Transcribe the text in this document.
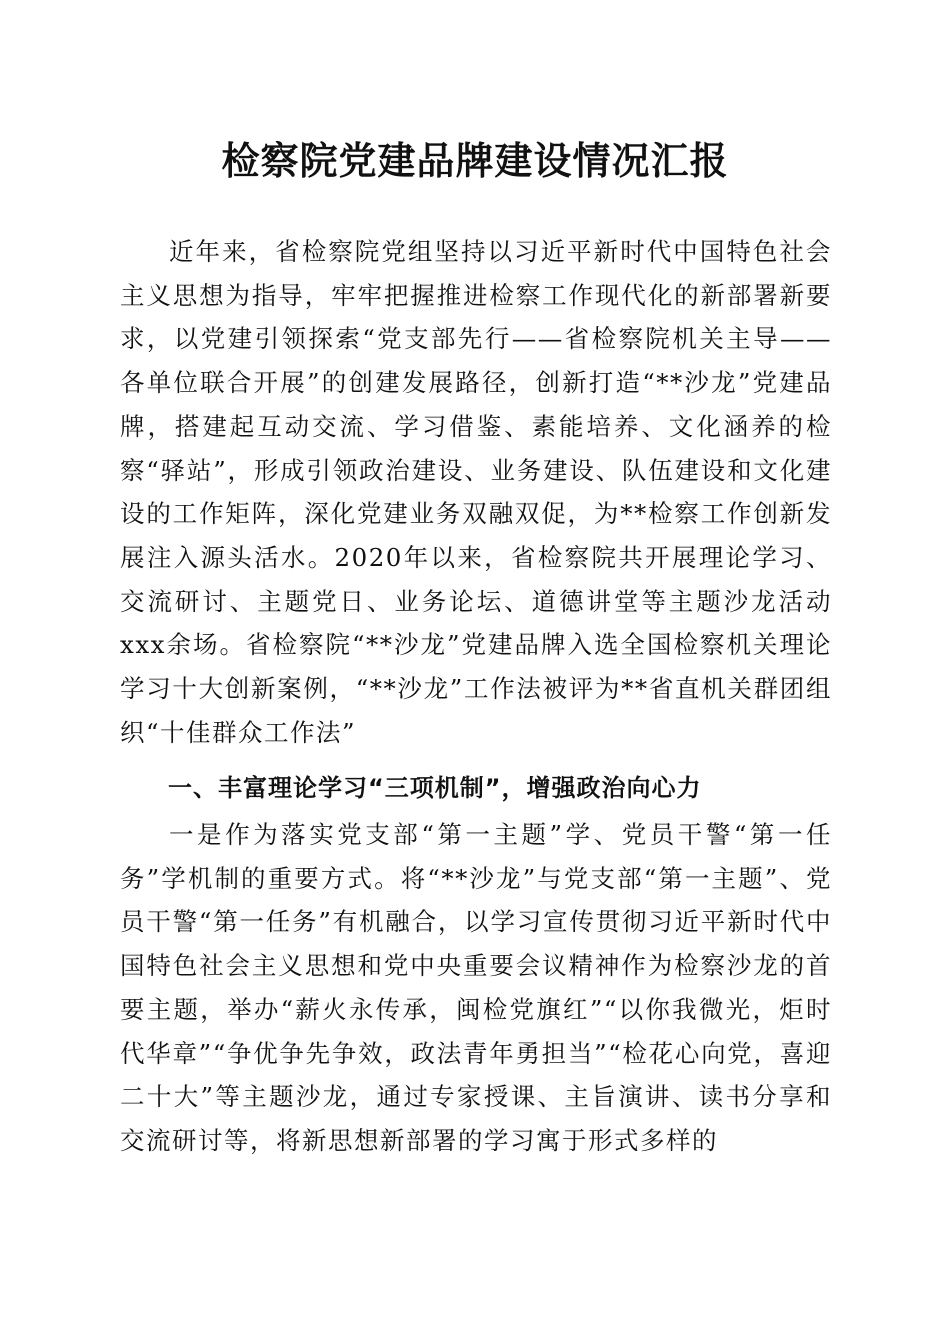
检察院党建品牌建设情况汇报
近年来，省检察院党组坚持以习近平新时代中国特色社会主义思想为指导，牢牢把握推进检察工作现代化的新部署新要求，以党建引领探索“党支部先行——省检察院机关主导——各单位联合开展”的创建发展路径，创新打造“**沙龙”党建品牌，搭建起互动交流、学习借鉴、素能培养、文化涵养的检察“驿站”，形成引领政治建设、业务建设、队伍建设和文化建设的工作矩阵，深化党建业务双融双促，为**检察工作创新发展注入源头活水。2020年以来，省检察院共开展理论学习、交流研讨、主题党日、业务论坛、道德讲堂等主题沙龙活动xxx余场。省检察院“**沙龙”党建品牌入选全国检察机关理论学习十大创新案例，“**沙龙”工作法被评为**省直机关群团组织“十佳群众工作法”
一、丰富理论学习“三项机制”，增强政治向心力
一是作为落实党支部“第一主题”学、党员干警“第一任务”学机制的重要方式。将“**沙龙”与党支部“第一主题”、党员干警“第一任务”有机融合，以学习宣传贯彻习近平新时代中国特色社会主义思想和党中央重要会议精神作为检察沙龙的首要主题，举办“薪火永传承，闽检党旗红”“以你我微光，炬时代华章”“争优争先争效，政法青年勇担当”“检花心向党，喜迎二十大”等主题沙龙，通过专家授课、主旨演讲、读书分享和交流研讨等，将新思想新部署的学习寓于形式多样的
